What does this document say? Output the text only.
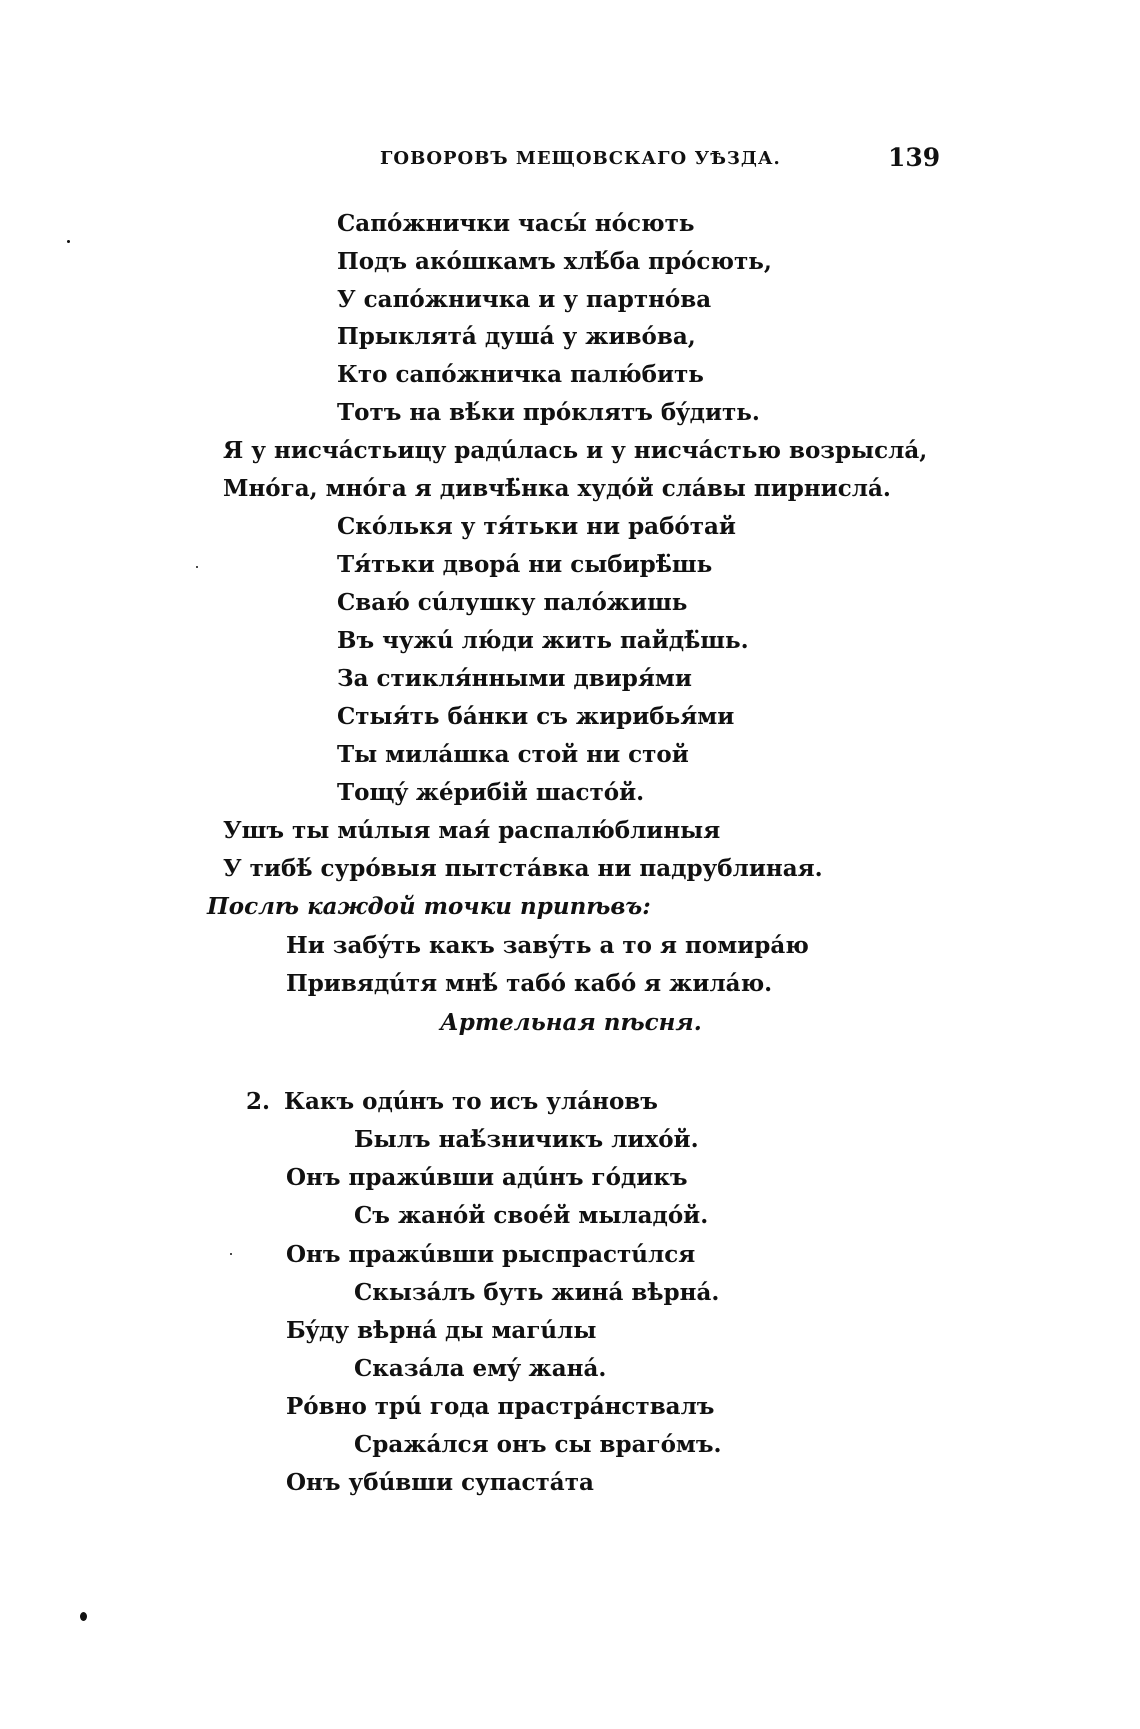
ГОВОРОВЪ МЕЩОВСКАГО УѢЗДА.	139
Сапóжнички часы́ нóсють
Подъ акóшкамъ хлѣ́ба прóсють,
У сапóжничка и у партнóва
Прыклятá душá у живóва,
Кто сапóжничка палю́бить
Тотъ на вѣ́ки прóклятъ бýдить.
Я у нисчáстьицу радúлась и у нисчáстью возрыслá,
Мнóга, мнóга я дивчѣ̈нка худóй слáвы пирнислá.
Скóлькя у тя́тьки ни рабóтай
Тя́тьки дворá ни сыбирѣ̈шь
Сваю́ сúлушку палóжишь
Въ чужú лю́ди жить пайдѣ̈шь.
За стикля́нными двиря́ми
Стыя́ть бáнки съ жирибья́ми
Ты милáшка стой ни стой
Тощý жéрибій шастóй.
Ушъ ты мúлыя мая́ распалю́блиныя
У тибѣ́ сурóвыя пытстáвка ни падрублиная.
Послѣ каждой точки припѣвъ:
Ни забýть какъ завýть а то я помирáю
Привядúтя мнѣ́ табó кабó я жилáю.
Артельная пѣсня.
2. Какъ одúнъ то исъ улáновъ
Былъ наѣ́зничикъ лихóй.
Онъ пражúвши адúнъ гóдикъ
Съ жанóй своéй мыладóй.
Онъ пражúвши рыспрастúлся
Скызáлъ буть жинá вѣрнá.
Бýду вѣрнá ды магúлы
Сказáла емý жанá.
Рóвно трú года прастрáнствалъ
Сражáлся онъ сы врагóмъ.
Онъ убúвши супастáта
